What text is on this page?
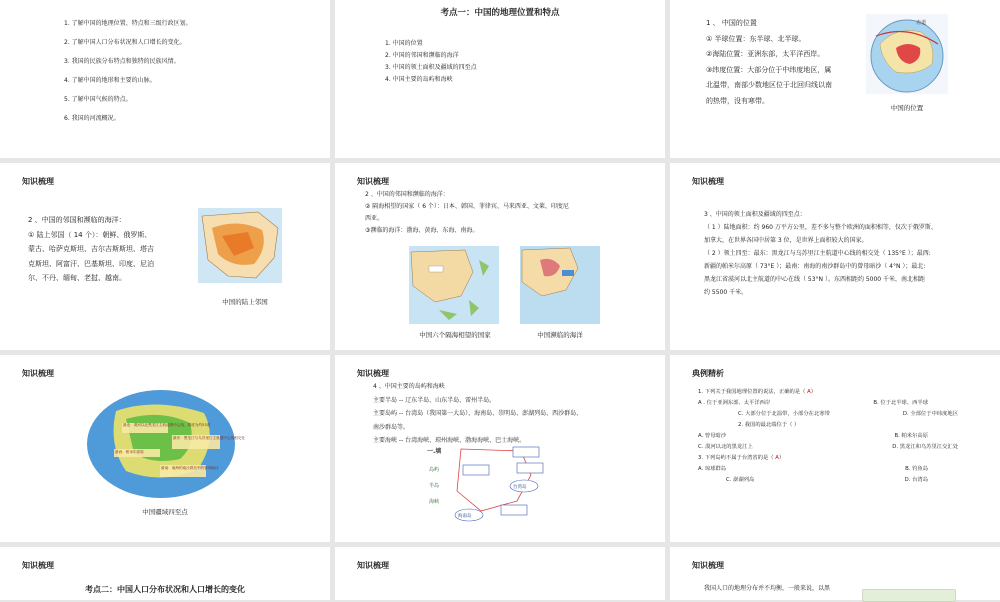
1. 了解中国的地理位置、特点和三级行政区划。
2. 了解中国人口分布状况和人口增长的变化。
3. 我国的民族分布特点和独特的民族风情。
4. 了解中国的地形和主要的山脉。
5. 了解中国气候的特点。
6. 我国的河流概况。
考点一：中国的地理位置和特点
1. 中国的位置
2. 中国的邻国和濒临的海洋
3. 中国的领土面积及疆域的四至点
4. 中国主要的岛屿和海峡
1 、 中国的位置
① 半球位置：东半球、北半球。
②海陆位置：亚洲东部，太平洋西岸。
③纬度位置：大部分位于中纬度地区，属
北温带，南部少数地区位于北回归线以南
的热带，没有寒带。
赤道
中国的位置
知识梳理
2 、中国的邻国和濒临的海洋：
① 陆上邻国（ 14 个）：朝鲜、俄罗斯、
蒙古、哈萨克斯坦、吉尔吉斯斯坦、塔吉
克斯坦、阿富汗、巴基斯坦、印度、尼泊
尔、不丹、缅甸、老挝、越南。
中国的陆上邻国
知识梳理
2 、中国的邻国和濒临的海洋：
② 隔海相望的国家（ 6 个）：日本、韩国、菲律宾、马来西亚、文莱、印度尼
西亚。
③濒临的海洋：渤海、黄海、东海、南海。
中国六个隔海相望的国家	中国濒临的海洋
知识梳理
3 、中国的领土面积及疆域的四至点：
（ 1 ）陆地面积：约 960 万平方公里，差不多与整个欧洲的面积相等，仅次于俄罗斯、
加拿大，在世界各国中居第 3 位，是世界上面积较大的国家。
（ 2 ）领土四至：最东：黑龙江与乌苏里江主航道中心线的相交处（ 135°E ）；最西:
新疆的帕米尔高原（ 73°E ）；最南：南海的南沙群岛中的曾母暗沙（ 4°N ）；最北:
黑龙江省漠河以北主航道的中心在线（ 53°N ）。东西相距约 5000 千米，南北相距
约 5500 千米。
知识梳理
最北：漠河以北黑龙江主航道的中心线，纬度为约53度
最东：黑龙江与乌苏里江主航道中心线相交处
最西：帕米尔高原
最南：南海的南沙群岛中的曾母暗沙
中国疆域四至点
知识梳理
4 、中国主要的岛屿和海峡
主要半岛 -- 辽东半岛、山东半岛、雷州半岛。
主要岛屿 -- 台湾岛（我国第一大岛）、海南岛、崇明岛、澎湖列岛、西沙群岛、
南沙群岛等。
主要海峡 -- 台湾海峡、琼州海峡、渤海海峡、巴士海峡。
一.填
岛屿
半岛
海峡
台湾岛
海南岛
典例精析
1. 下列关于我国地理位置的说法，正确的是（ A）
A . 位于亚洲东部、太平洋西岸	B. 位于北半球、西半球
C. 大部分位于北温带，小部分在北寒带	D. 全部位于中纬度地区
2. 我国的最北端位于（ ）
A. 曾母暗沙	B. 帕米尔高原
C. 漠河以北的黑龙江上	D. 黑龙江和乌苏里江交汇处
3. 下列岛屿不属于台湾省的是（ A）
A. 琼球群岛	B. 钓鱼岛
C. 澎湖列岛	D. 台湾岛
知识梳理
考点二：中国人口分布状况和人口增长的变化
知识梳理	知识梳理
我国人口的地理分布并不均衡，一般来说，以黑
